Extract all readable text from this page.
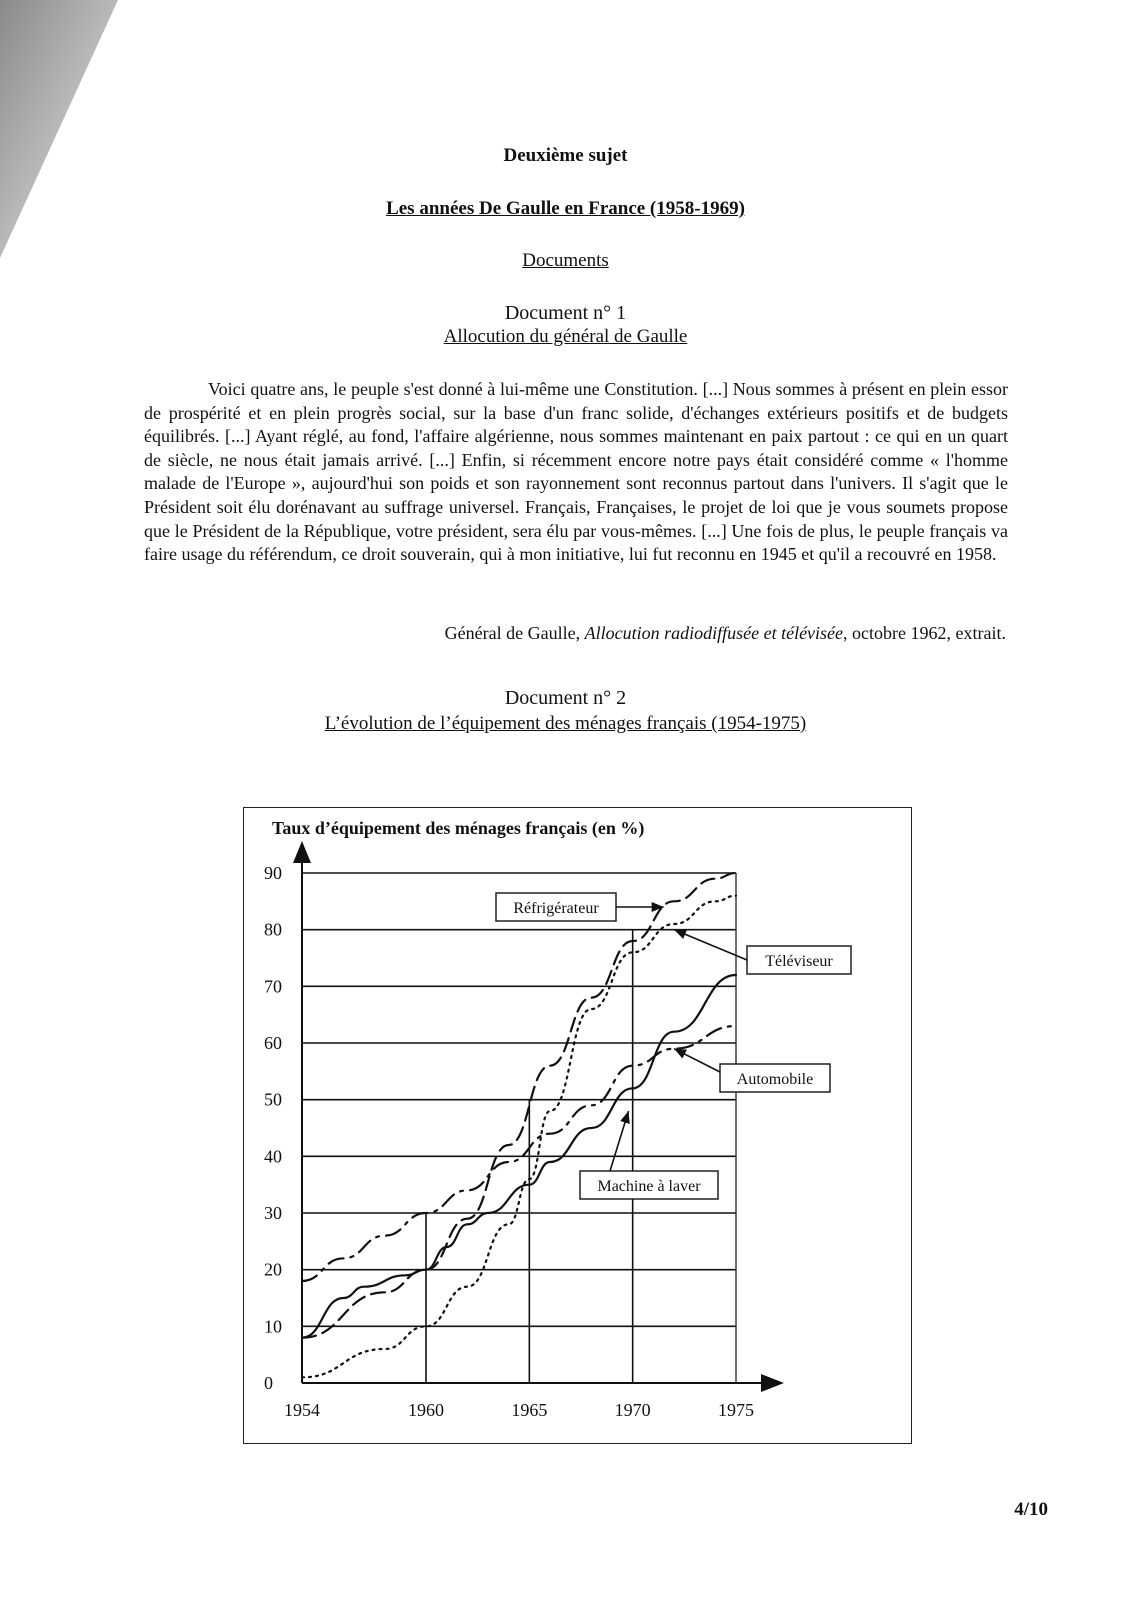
Deuxième sujet
Les années De Gaulle en France (1958-1969)
Documents
Document n° 1
Allocution du général de Gaulle

Voici quatre ans, le peuple s'est donné à lui-même une Constitution. [...] Nous sommes à présent en plein essor de prospérité et en plein progrès social, sur la base d'un franc solide, d'échanges extérieurs positifs et de budgets équilibrés. [...] Ayant réglé, au fond, l'affaire algérienne, nous sommes maintenant en paix partout : ce qui en un quart de siècle, ne nous était jamais arrivé. [...] Enfin, si récemment encore notre pays était considéré comme « l'homme malade de l'Europe », aujourd'hui son poids et son rayonnement sont reconnus partout dans l'univers. Il s'agit que le Président soit élu dorénavant au suffrage universel. Français, Françaises, le projet de loi que je vous soumets propose que le Président de la République, votre président, sera élu par vous-mêmes. [...] Une fois de plus, le peuple français va faire usage du référendum, ce droit souverain, qui à mon initiative, lui fut reconnu en 1945 et qu'il a recouvré en 1958.

Général de Gaulle, Allocution radiodiffusée et télévisée, octobre 1962, extrait.
Document n° 2
L’évolution de l’équipement des ménages français (1954-1975)
Taux d’équipement des ménages français (en %)
0
10
20
30
40
50
60
70
80
90
1954	1960	1965	1970	1975
Réfrigérateur
Téléviseur
Automobile
Machine à laver
4/10
